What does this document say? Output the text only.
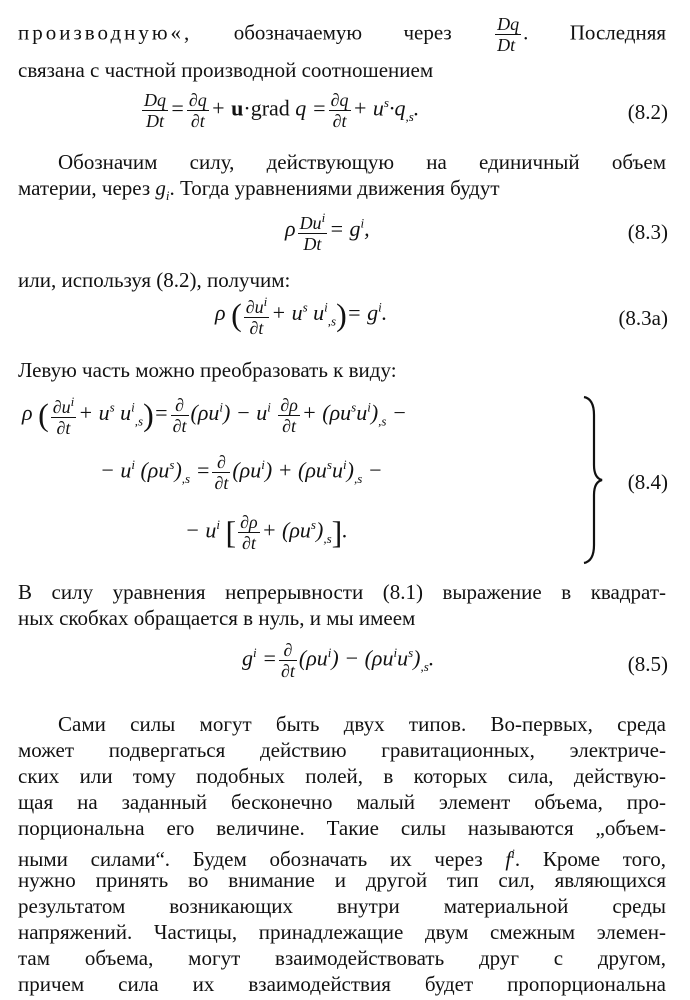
производную«, обозначаемую через $\frac{Dq}{Dt}$ . Последняя
связана с частной производной соотношением
$\frac{Dq}{Dt} = \frac{\partial q}{\partial t}$ + u·grad $q = \frac{\partial q}{\partial t} + u^s\cdot q_{,s}$.	(8.2)
Обозначим силу, действующую на единичный объем
материи, через $g_i$. Тогда уравнениями движения будут
ρ $\frac{Du^i}{Dt} = g^i$,	(8.3)
или, используя (8.2), получим:
ρ ( $\frac{\partial u^i}{\partial t} + u^s$ $u^i_{,s})= g^i$.	(8.3а)
Левую часть можно преобразовать к виду:
ρ ( $\frac{\partial u^i}{\partial t} + u^s$ $u^i_{,s})= \frac{\partial}{\partial t} (\rho u^i) - u^i \frac{\partial\rho}{\partial t} + (\rho u^su^i)_{,s}$ −
− $u^i$ $(\rho u^s)_{,s} = \frac{\partial}{\partial t} (\rho u^i) + (\rho u^su^i)_{,s}$ −
− $u^i$ [ $\frac{\partial\rho}{\partial t} + (\rho u^s)_{,s}$].
(8.4)
В силу уравнения непрерывности (8.1) выражение в квадрат-
ных скобках обращается в нуль, и мы имеем
$g^i = \frac{\partial}{\partial t} (\rho u^i) - (\rho u^iu^s)_{,s}$.	(8.5)
Сами силы могут быть двух типов. Во-первых, среда
может подвергаться действию гравитационных, электриче-
ских или тому подобных полей, в которых сила, действую-
щая на заданный бесконечно малый элемент объема, про-
порциональна его величине. Такие силы называются „объем-
ными силами“. Будем обозначать их через $f^i$. Кроме того,
нужно принять во внимание и другой тип сил, являющихся
результатом возникающих внутри материальной среды
напряжений. Частицы, принадлежащие двум смежным элемен-
там объема, могут взаимодействовать друг с другом,
причем сила их взаимодействия будет пропорциональна
